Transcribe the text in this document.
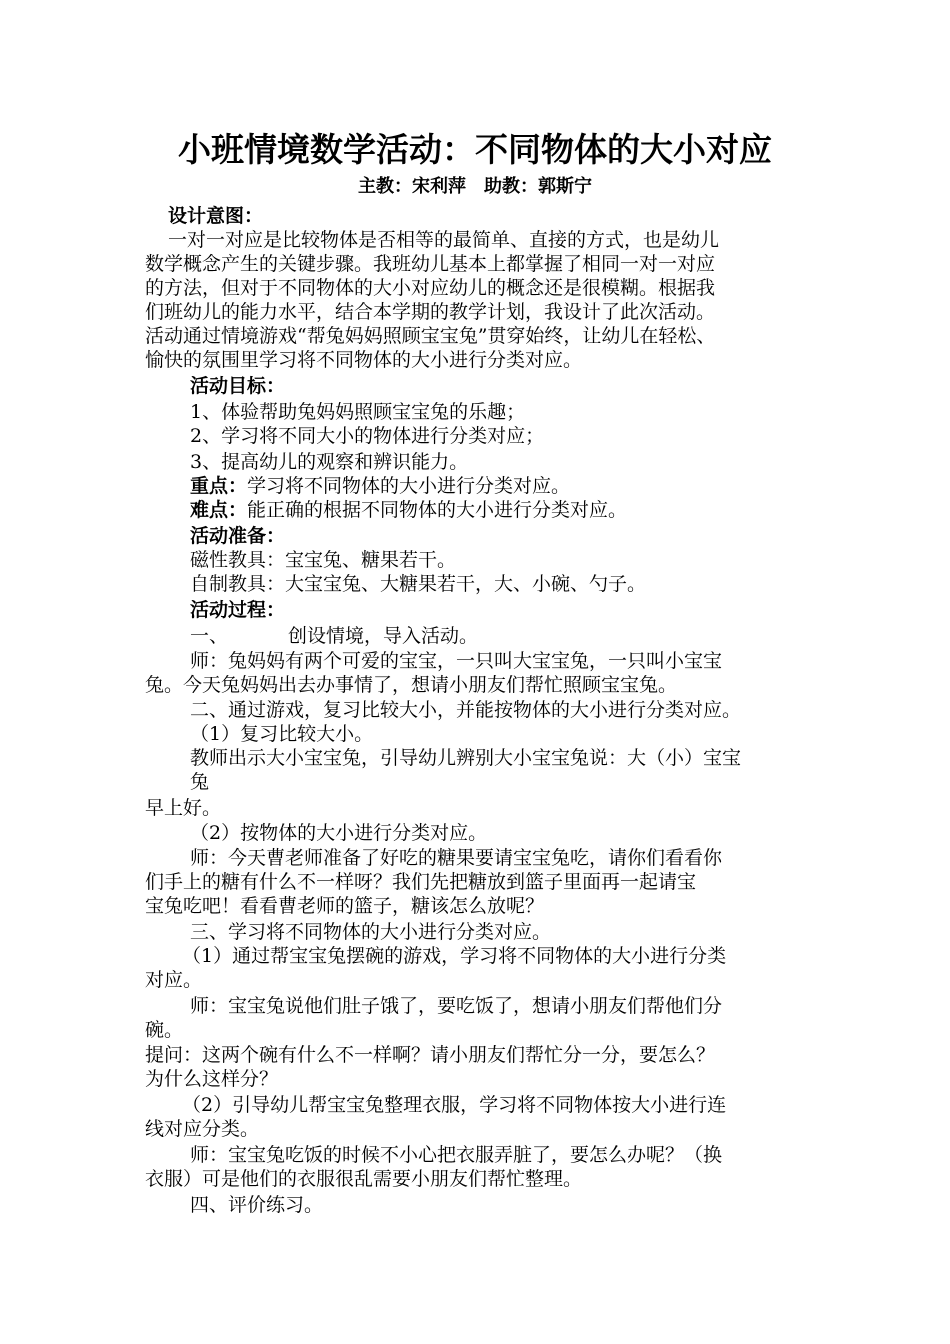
小班情境数学活动：不同物体的大小对应
主教：宋利萍　助教：郭斯宁
设计意图：
一对一对应是比较物体是否相等的最简单、直接的方式，也是幼儿
数学概念产生的关键步骤。我班幼儿基本上都掌握了相同一对一对应
的方法，但对于不同物体的大小对应幼儿的概念还是很模糊。根据我
们班幼儿的能力水平，结合本学期的教学计划，我设计了此次活动。
活动通过情境游戏“帮兔妈妈照顾宝宝兔”贯穿始终，让幼儿在轻松、
愉快的氛围里学习将不同物体的大小进行分类对应。
活动目标：
1、体验帮助兔妈妈照顾宝宝兔的乐趣；
2、学习将不同大小的物体进行分类对应；
3、提高幼儿的观察和辨识能力。
重点：学习将不同物体的大小进行分类对应。
难点：能正确的根据不同物体的大小进行分类对应。
活动准备：
磁性教具：宝宝兔、糖果若干。
自制教具：大宝宝兔、大糖果若干，大、小碗、勺子。
活动过程：
一、	创设情境，导入活动。
师：兔妈妈有两个可爱的宝宝，一只叫大宝宝兔，一只叫小宝宝
兔。今天兔妈妈出去办事情了，想请小朋友们帮忙照顾宝宝兔。
二、通过游戏，复习比较大小，并能按物体的大小进行分类对应。
（1）复习比较大小。
教师出示大小宝宝兔，引导幼儿辨别大小宝宝兔说：大（小）宝宝
兔
早上好。
（2）按物体的大小进行分类对应。
师：今天曹老师准备了好吃的糖果要请宝宝兔吃，请你们看看你
们手上的糖有什么不一样呀？我们先把糖放到篮子里面再一起请宝
宝兔吃吧！看看曹老师的篮子，糖该怎么放呢？
三、学习将不同物体的大小进行分类对应。
（1）通过帮宝宝兔摆碗的游戏，学习将不同物体的大小进行分类
对应。
师：宝宝兔说他们肚子饿了，要吃饭了，想请小朋友们帮他们分
碗。
提问：这两个碗有什么不一样啊？请小朋友们帮忙分一分，要怎么？
为什么这样分？
（2）引导幼儿帮宝宝兔整理衣服，学习将不同物体按大小进行连
线对应分类。
师：宝宝兔吃饭的时候不小心把衣服弄脏了，要怎么办呢？（换
衣服）可是他们的衣服很乱需要小朋友们帮忙整理。
四、评价练习。
